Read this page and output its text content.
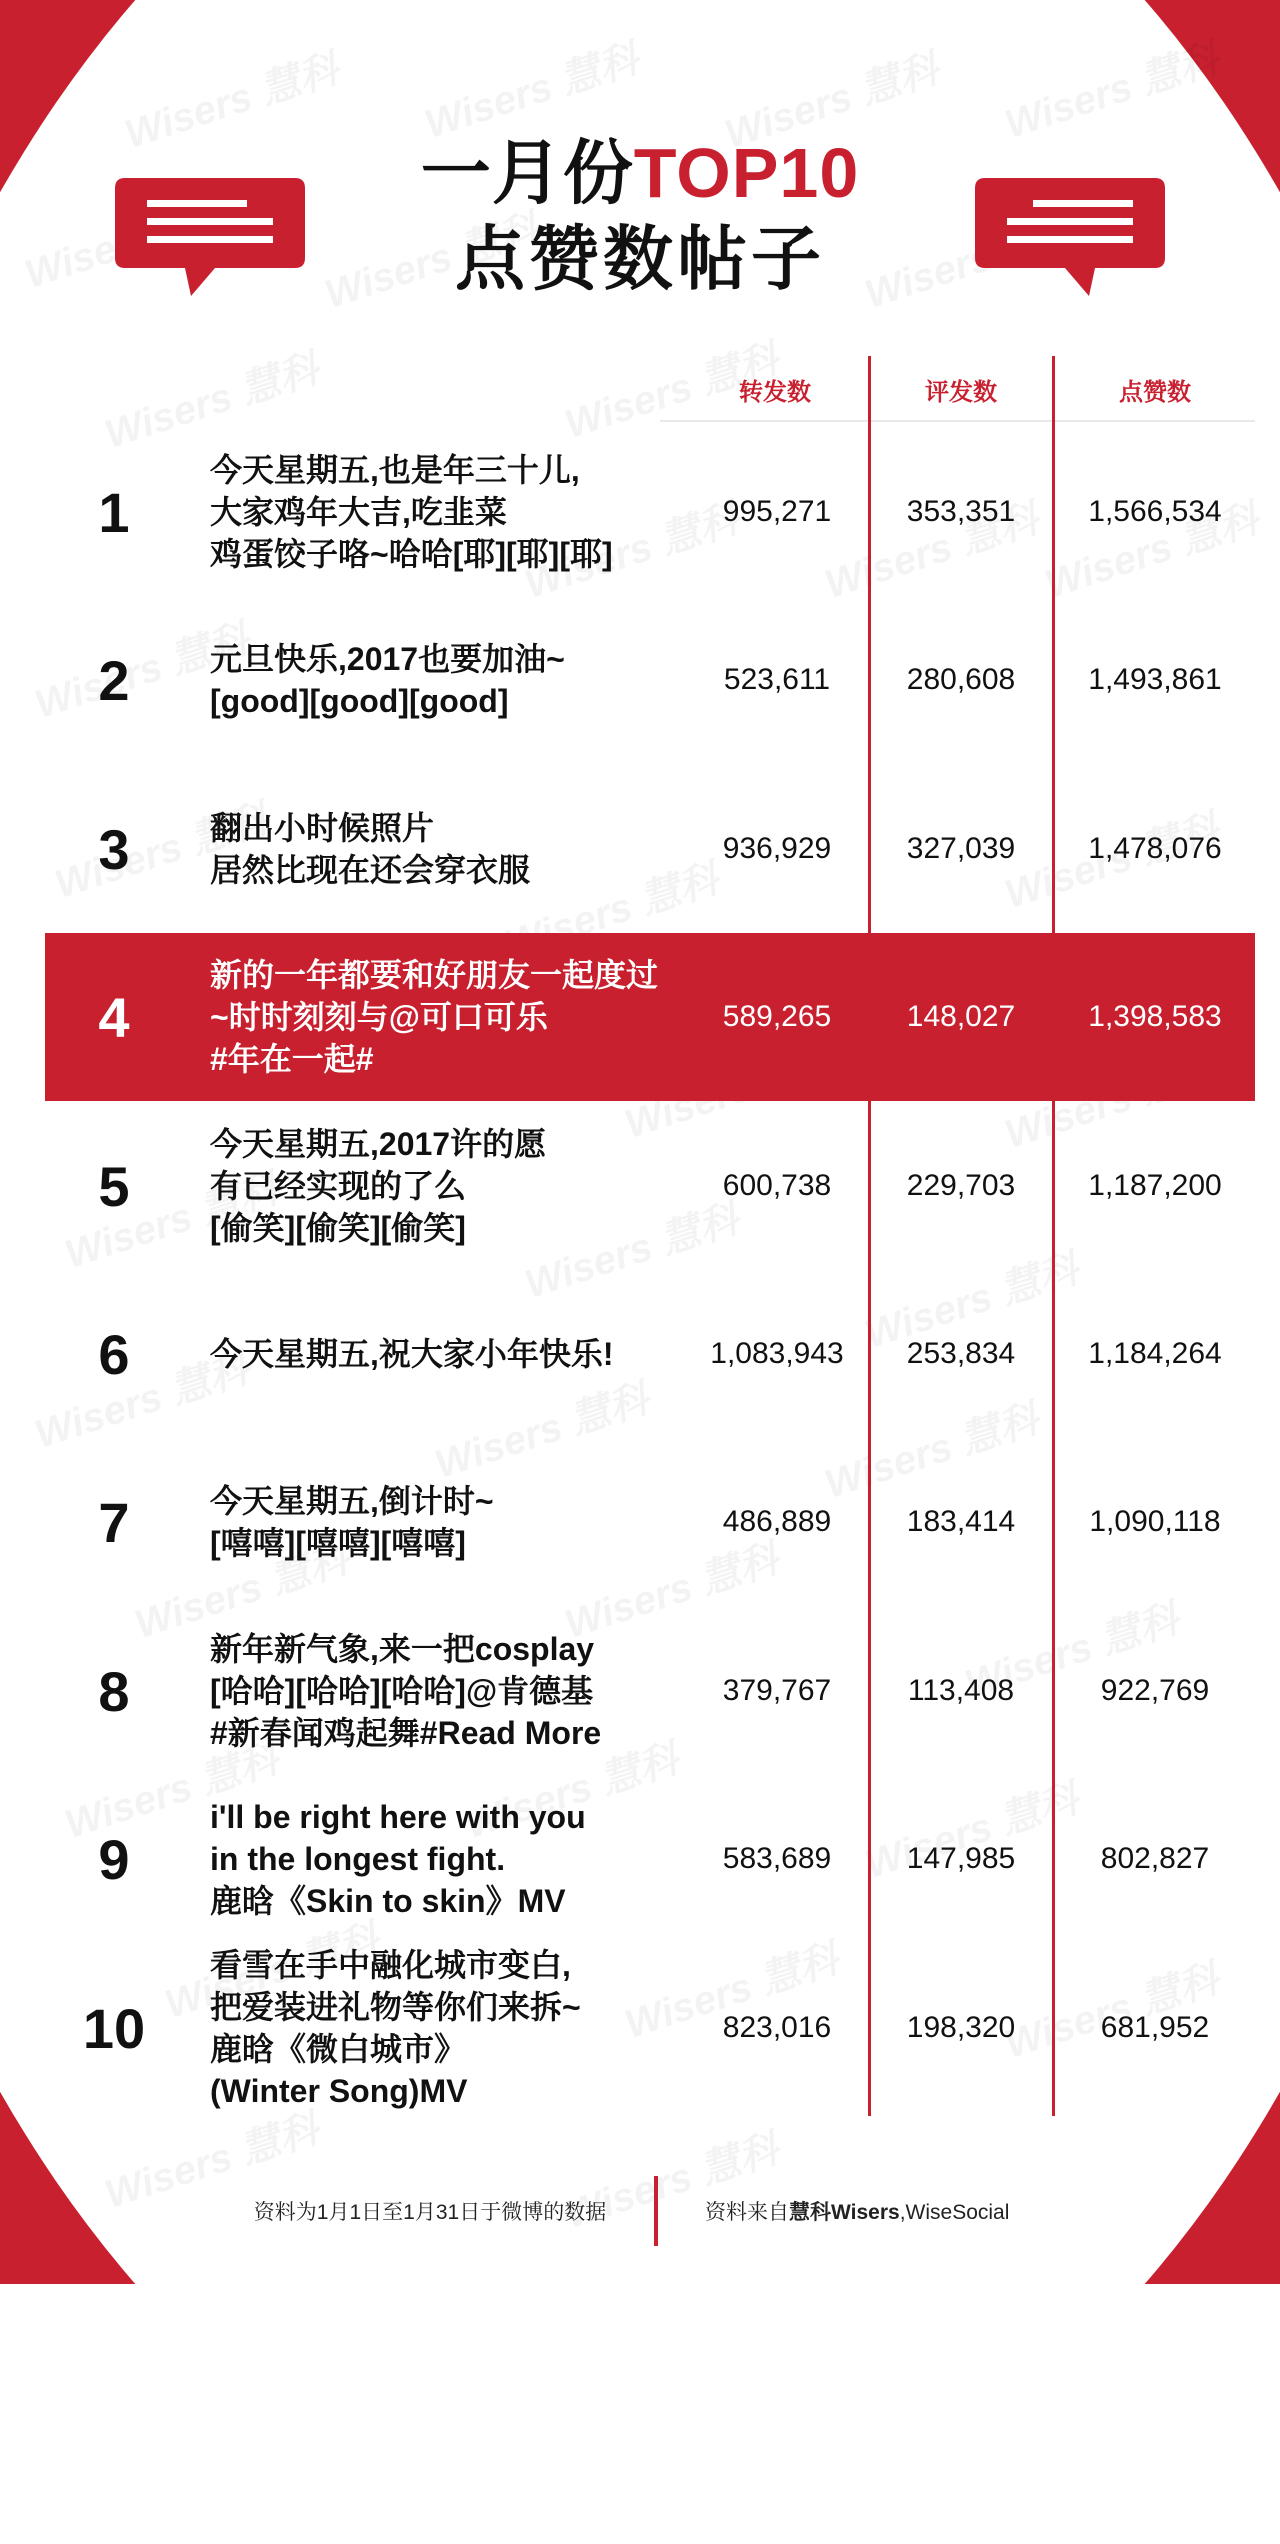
一月份TOP10
点赞数帖子
转发数	评发数	点赞数
1
今天星期五,也是年三十儿,
大家鸡年大吉,吃韭菜
鸡蛋饺子咯~哈哈[耶][耶][耶]
995,271	353,351	1,566,534
2	元旦快乐,2017也要加油~
[good][good][good]
523,611	280,608	1,493,861
3	翻出小时候照片
居然比现在还会穿衣服
936,929	327,039	1,478,076
4
新的一年都要和好朋友一起度过
~时时刻刻与@可口可乐
#年在一起#
589,265	148,027	1,398,583
5
今天星期五,2017许的愿
有已经实现的了么
[偷笑][偷笑][偷笑]
600,738	229,703	1,187,200
6	今天星期五,祝大家小年快乐!	1,083,943	253,834	1,184,264
7	今天星期五,倒计时~
[嘻嘻][嘻嘻][嘻嘻]
486,889	183,414	1,090,118
8
新年新气象,来一把cosplay
[哈哈][哈哈][哈哈]@肯德基
#新春闻鸡起舞#Read More
379,767	113,408	922,769
9
i'll be right here with you
in the longest fight.
鹿晗《Skin to skin》MV
583,689	147,985	802,827
10
看雪在手中融化城市变白,
把爱装进礼物等你们来拆~
鹿晗《微白城市》
(Winter Song)MV
823,016	198,320	681,952
资料为1月1日至1月31日于微博的数据	资料来自慧科Wisers,WiseSocial
